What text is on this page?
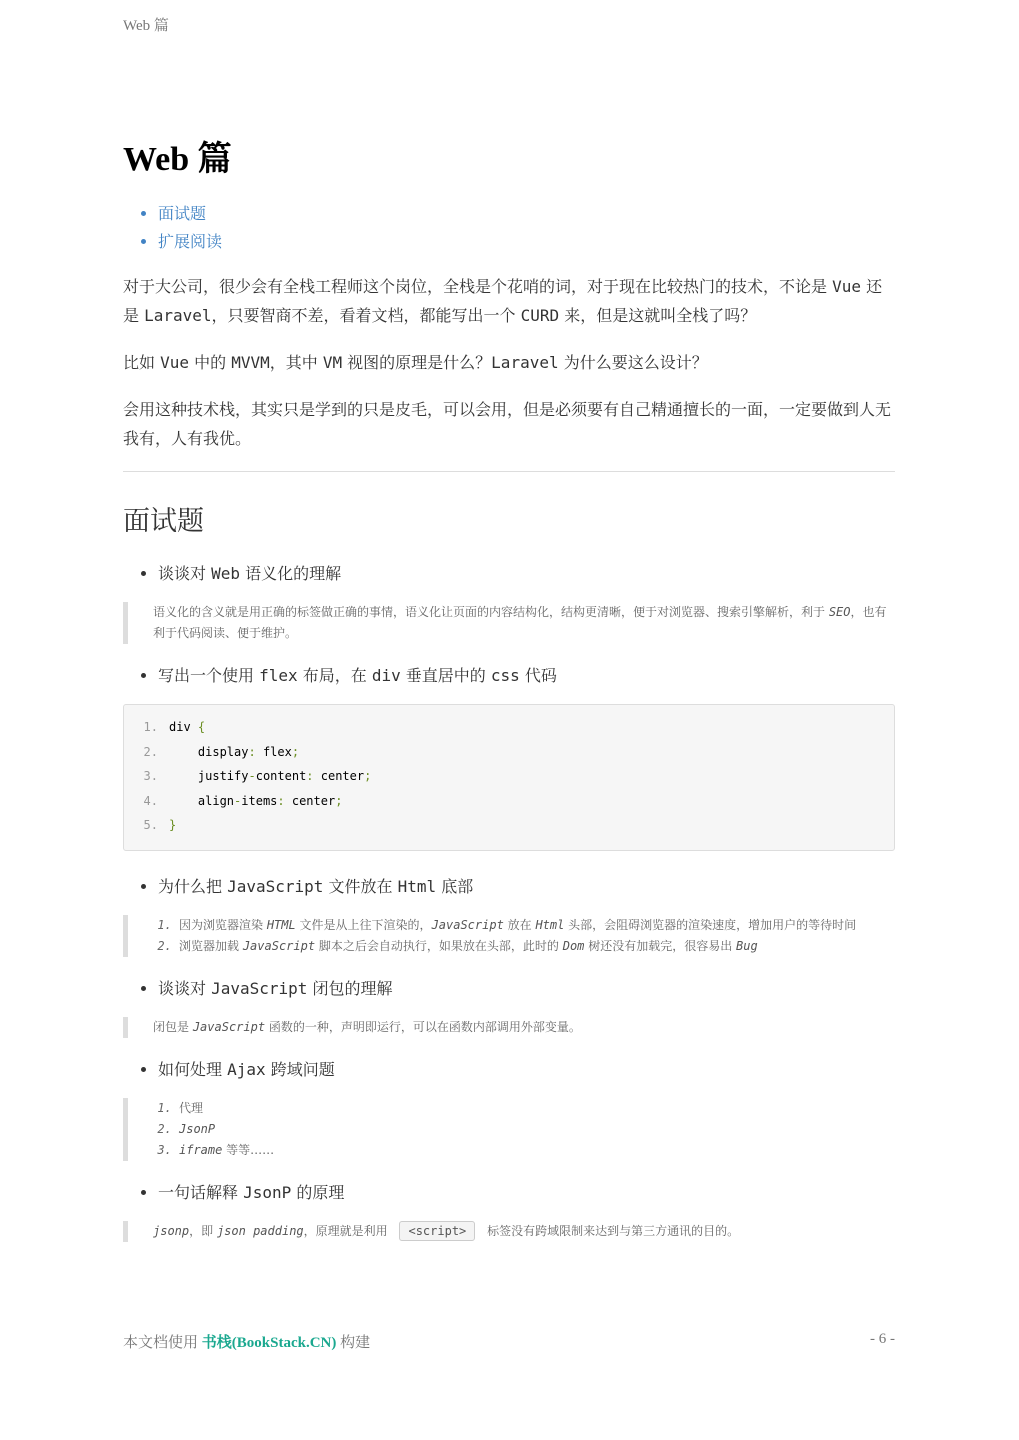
Web 篇
Web 篇
• 面试题
• 扩展阅读

对于大公司，很少会有全栈工程师这个岗位，全栈是个花哨的词，对于现在比较热门的技术，不论是 Vue 还是 Laravel，只要智商不差，看着文档，都能写出一个 CURD 来，但是这就叫全栈了吗？

比如 Vue 中的 MVVM，其中 VM 视图的原理是什么？Laravel 为什么要这么设计？

会用这种技术栈，其实只是学到的只是皮毛，可以会用，但是必须要有自己精通擅长的一面，一定要做到人无我有，人有我优。

面试题
• 谈谈对 Web 语义化的理解
语义化的含义就是用正确的标签做正确的事情，语义化让页面的内容结构化，结构更清晰，便于对浏览器、搜索引擎解析，利于 SEO，也有利于代码阅读、便于维护。
• 写出一个使用 flex 布局，在 div 垂直居中的 css 代码
1. div {
2.	display: flex;
3.	justify-content: center;
4.	align-items: center;
5. }
• 为什么把 JavaScript 文件放在 Html 底部
1. 因为浏览器渲染 HTML 文件是从上往下渲染的，JavaScript 放在 Html 头部，会阻碍浏览器的渲染速度，增加用户的等待时间
2. 浏览器加载 JavaScript 脚本之后会自动执行，如果放在头部，此时的 Dom 树还没有加载完，很容易出 Bug
• 谈谈对 JavaScript 闭包的理解
闭包是 JavaScript 函数的一种，声明即运行，可以在函数内部调用外部变量。
• 如何处理 Ajax 跨域问题
1. 代理
2. JsonP
3. iframe 等等……
• 一句话解释 JsonP 的原理
jsonp，即 json padding，原理就是利用 <script> 标签没有跨域限制来达到与第三方通讯的目的。
本文档使用 书栈(BookStack.CN) 构建	- 6 -
